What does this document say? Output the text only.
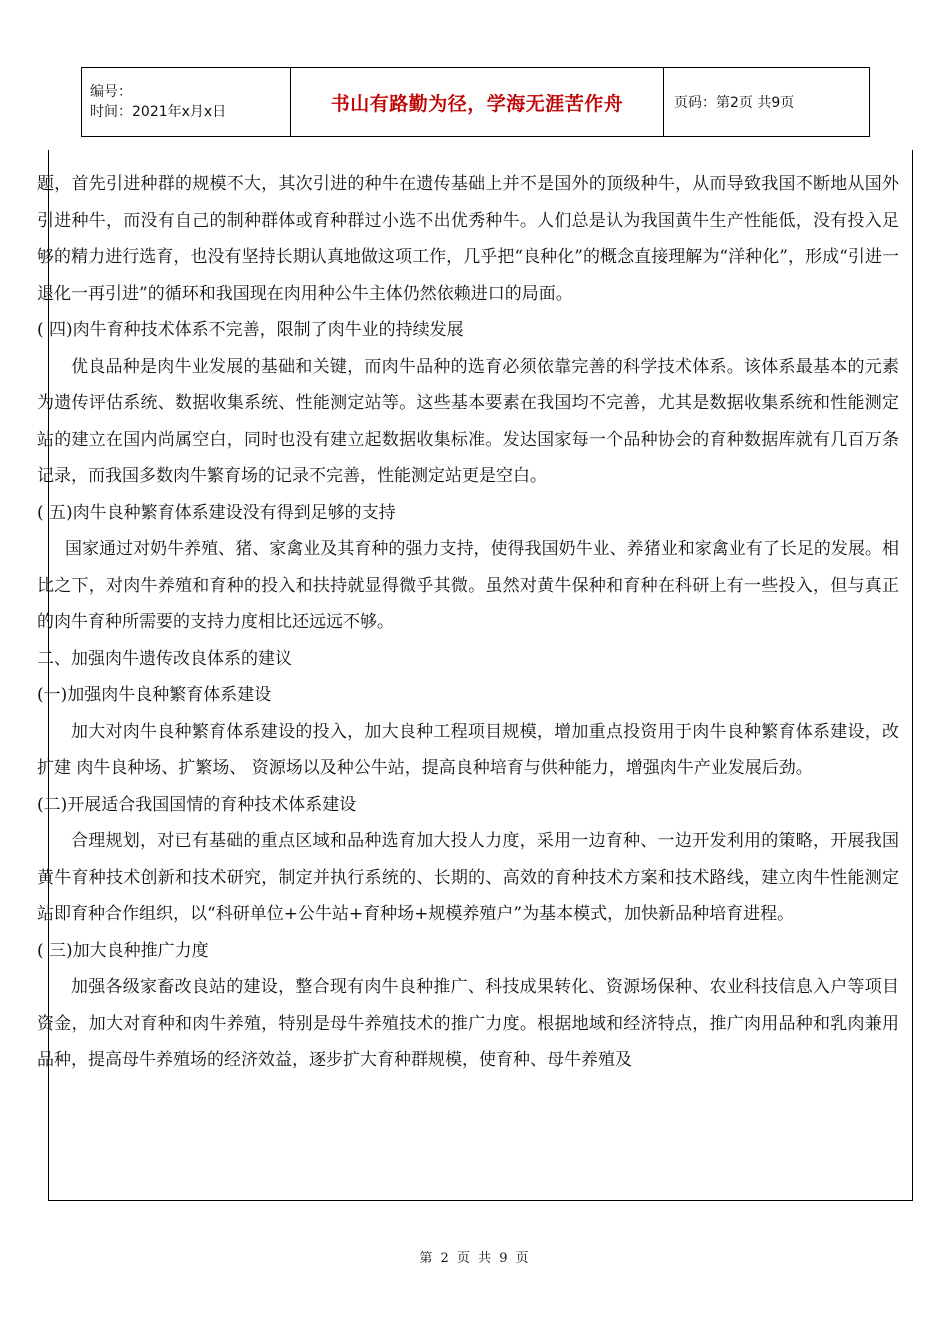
编号：
时间：2021年x月x日	书山有路勤为径，学海无涯苦作舟	页码：第2页 共9页

题，首先引进种群的规模不大，其次引进的种牛在遗传基础上并不是国外的顶级种牛，从而导致我国不断地从国外 引进种牛，而没有自己的制种群体或育种群过小选不出优秀种牛。人们总是认为我国黄牛生产性能低，没有投入足够的精力进行选育，也没有坚持长期认真地做这项工作，几乎把“良种化”的概念直接理解为“洋种化”，形成“引进一退化一再引进”的循环和我国现在肉用种公牛主体仍然依赖进口的局面。

( 四)肉牛育种技术体系不完善，限制了肉牛业的持续发展

优良品种是肉牛业发展的基础和关键，而肉牛品种的选育必须依靠完善的科学技术体系。该体系最基本的元素为遗传评估系统、数据收集系统、性能测定站等。这些基本要素在我国均不完善，尤其是数据收集系统和性能测定站的建立在国内尚属空白，同时也没有建立起数据收集标准。发达国家每一个品种协会的育种数据库就有几百万条记录，而我国多数肉牛繁育场的记录不完善，性能测定站更是空白。

( 五)肉牛良种繁育体系建设没有得到足够的支持

国家通过对奶牛养殖、猪、家禽业及其育种的强力支持，使得我国奶牛业、养猪业和家禽业有了长足的发展。相比之下，对肉牛养殖和育种的投入和扶持就显得微乎其微。虽然对黄牛保种和育种在科研上有一些投入，但与真正的肉牛育种所需要的支持力度相比还远远不够。

二、加强肉牛遗传改良体系的建议

(一)加强肉牛良种繁育体系建设

加大对肉牛良种繁育体系建设的投入，加大良种工程项目规模，增加重点投资用于肉牛良种繁育体系建设，改扩建 肉牛良种场、扩繁场、 资源场以及种公牛站，提高良种培育与供种能力，增强肉牛产业发展后劲。

(二)开展适合我国国情的育种技术体系建设

合理规划，对已有基础的重点区域和品种选育加大投人力度，采用一边育种、一边开发利用的策略，开展我国黄牛育种技术创新和技术研究，制定并执行系统的、长期的、高效的育种技术方案和技术路线，建立肉牛性能测定站即育种合作组织，以“科研单位+公牛站+育种场+规模养殖户”为基本模式，加快新品种培育进程。

( 三)加大良种推广力度

加强各级家畜改良站的建设，整合现有肉牛良种推广、科技成果转化、资源场保种、农业科技信息入户等项目资金，加大对育种和肉牛养殖，特别是母牛养殖技术的推广力度。根据地域和经济特点，推广肉用品种和乳肉兼用品种，提高母牛养殖场的经济效益，逐步扩大育种群规模，使育种、母牛养殖及

第 2 页 共 9 页
